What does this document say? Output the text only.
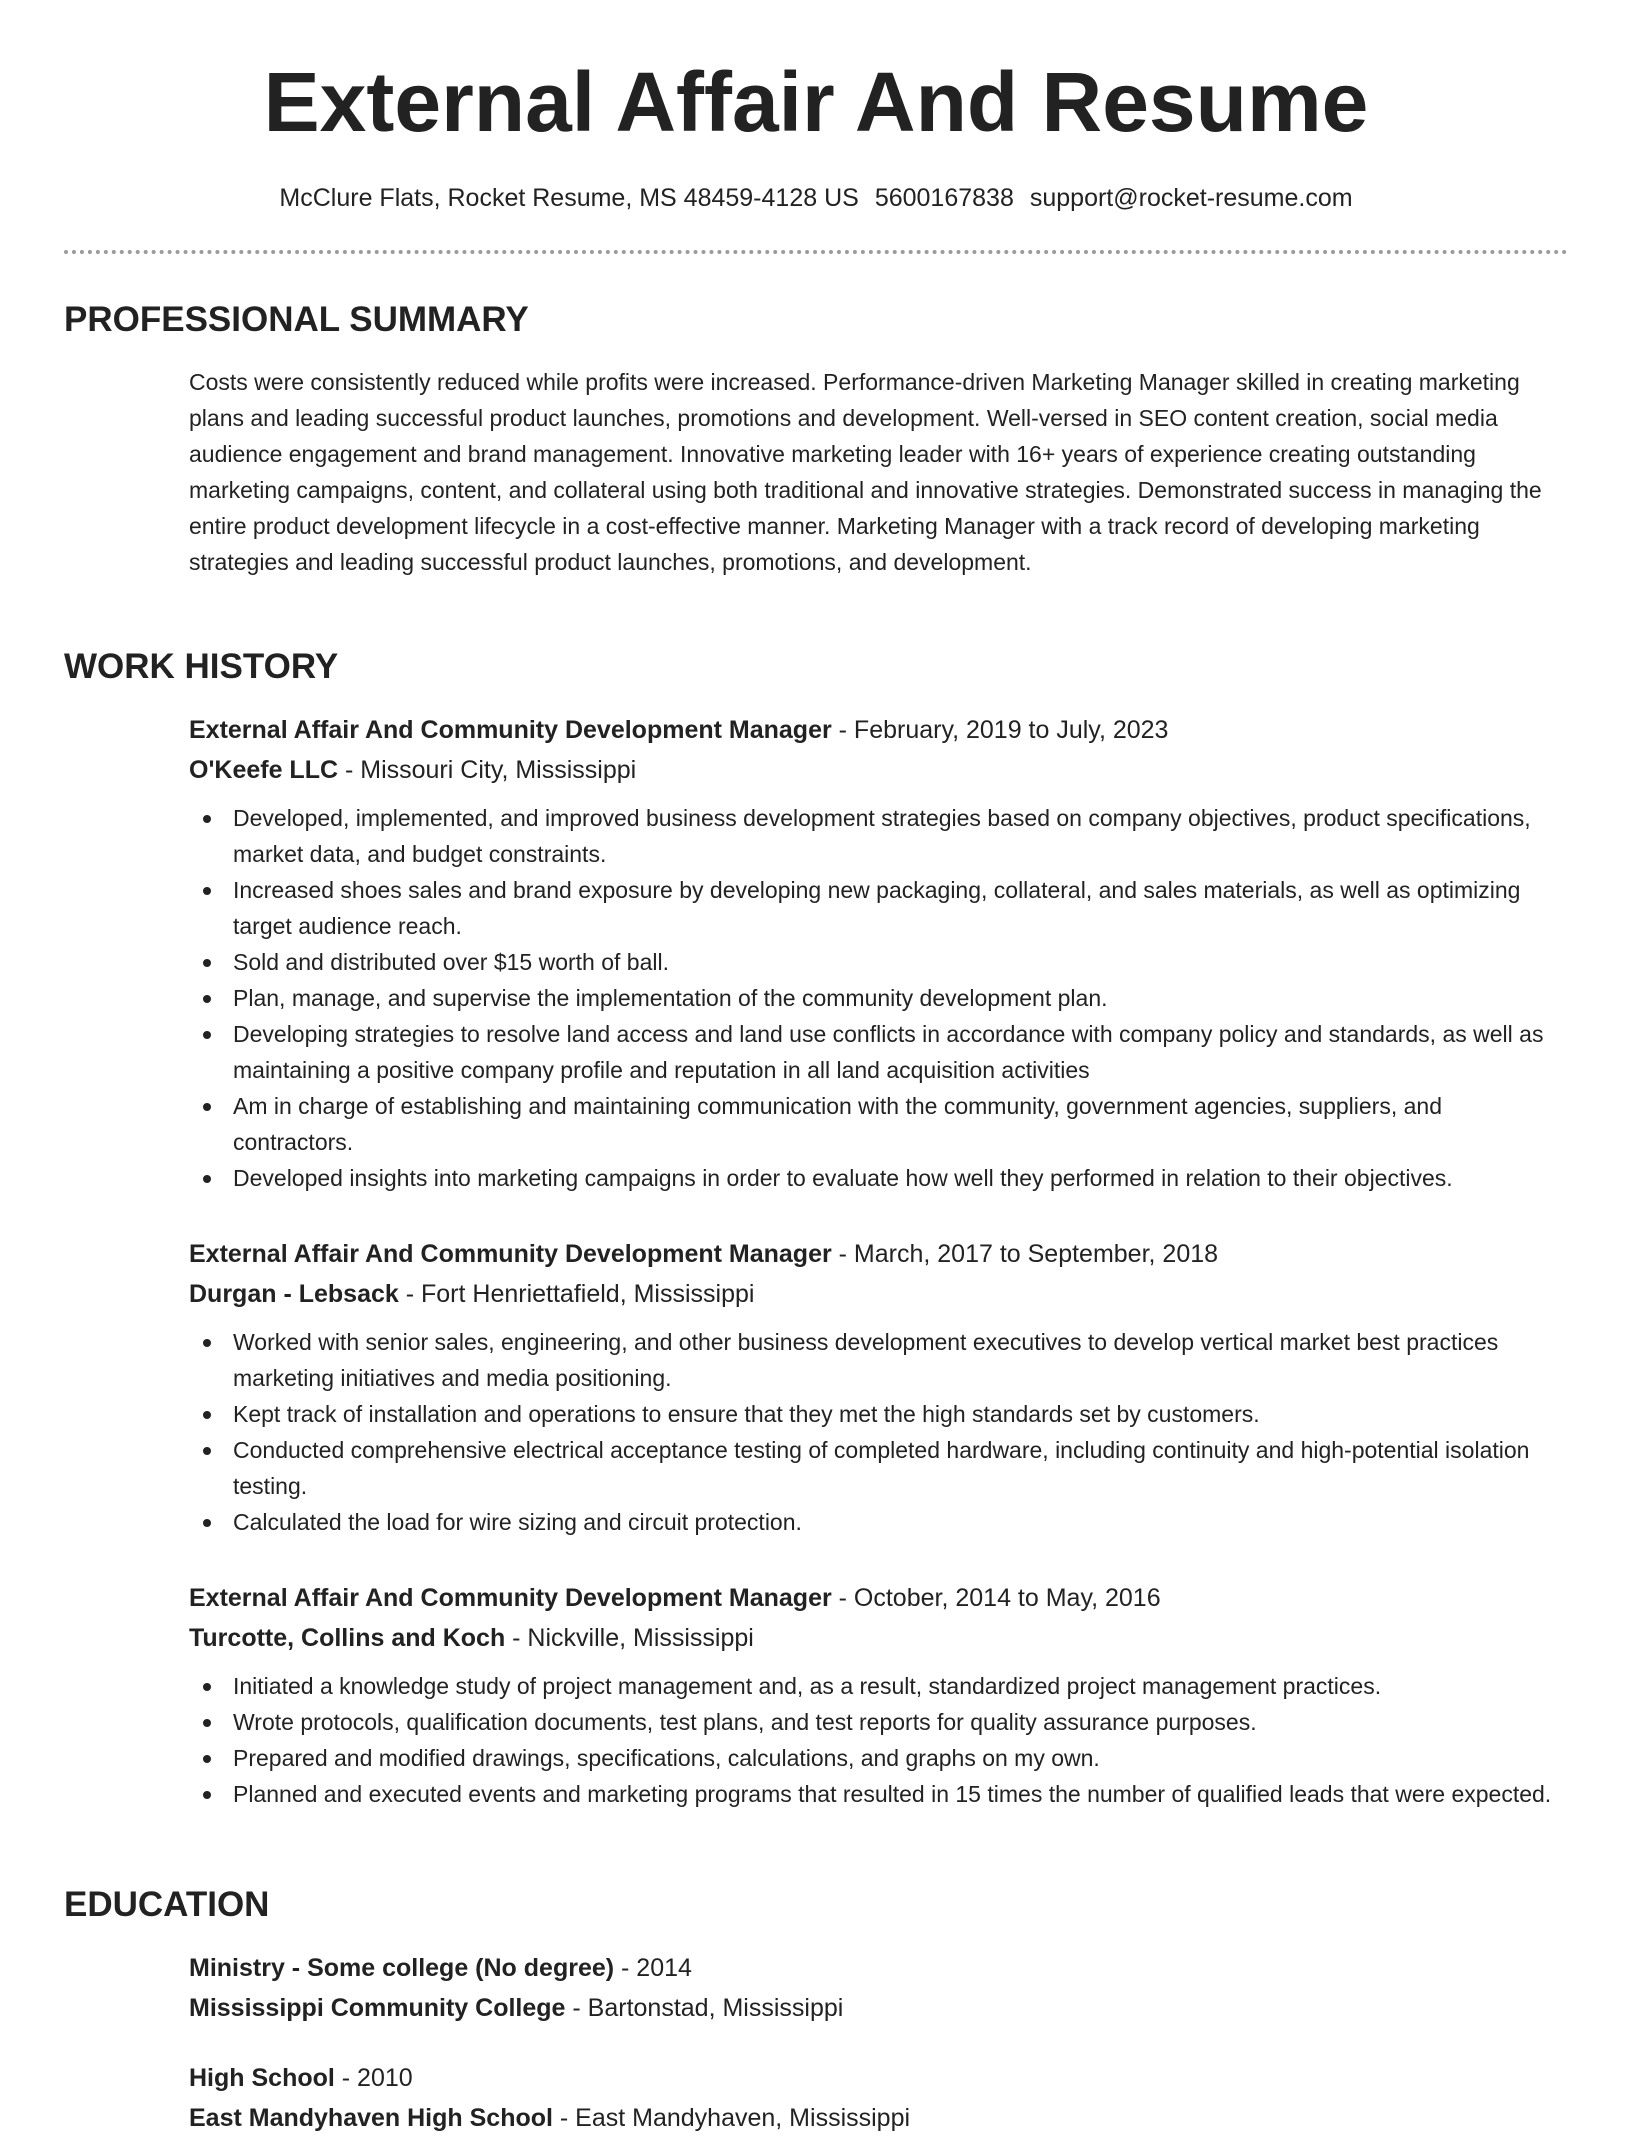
External Affair And Resume
McClure Flats, Rocket Resume, MS 48459-4128 US 5600167838 support@rocket-resume.com
PROFESSIONAL SUMMARY

Costs were consistently reduced while profits were increased. Performance-driven Marketing Manager skilled in creating marketing plans and leading successful product launches, promotions and development. Well-versed in SEO content creation, social media audience engagement and brand management. Innovative marketing leader with 16+ years of experience creating outstanding marketing campaigns, content, and collateral using both traditional and innovative strategies. Demonstrated success in managing the entire product development lifecycle in a cost-effective manner. Marketing Manager with a track record of developing marketing strategies and leading successful product launches, promotions, and development.

WORK HISTORY
External Affair And Community Development Manager - February, 2019 to July, 2023
O'Keefe LLC - Missouri City, Mississippi
Developed, implemented, and improved business development strategies based on company objectives, product specifications, market data, and budget constraints.
Increased shoes sales and brand exposure by developing new packaging, collateral, and sales materials, as well as optimizing target audience reach.
Sold and distributed over $15 worth of ball.
Plan, manage, and supervise the implementation of the community development plan.
Developing strategies to resolve land access and land use conflicts in accordance with company policy and standards, as well as maintaining a positive company profile and reputation in all land acquisition activities
Am in charge of establishing and maintaining communication with the community, government agencies, suppliers, and contractors.
Developed insights into marketing campaigns in order to evaluate how well they performed in relation to their objectives.
External Affair And Community Development Manager - March, 2017 to September, 2018
Durgan - Lebsack - Fort Henriettafield, Mississippi
Worked with senior sales, engineering, and other business development executives to develop vertical market best practices marketing initiatives and media positioning.
Kept track of installation and operations to ensure that they met the high standards set by customers.
Conducted comprehensive electrical acceptance testing of completed hardware, including continuity and high-potential isolation testing.
Calculated the load for wire sizing and circuit protection.
External Affair And Community Development Manager - October, 2014 to May, 2016
Turcotte, Collins and Koch - Nickville, Mississippi
Initiated a knowledge study of project management and, as a result, standardized project management practices.
Wrote protocols, qualification documents, test plans, and test reports for quality assurance purposes.
Prepared and modified drawings, specifications, calculations, and graphs on my own.
Planned and executed events and marketing programs that resulted in 15 times the number of qualified leads that were expected.
EDUCATION
Ministry - Some college (No degree) - 2014
Mississippi Community College - Bartonstad, Mississippi
High School - 2010
East Mandyhaven High School - East Mandyhaven, Mississippi
